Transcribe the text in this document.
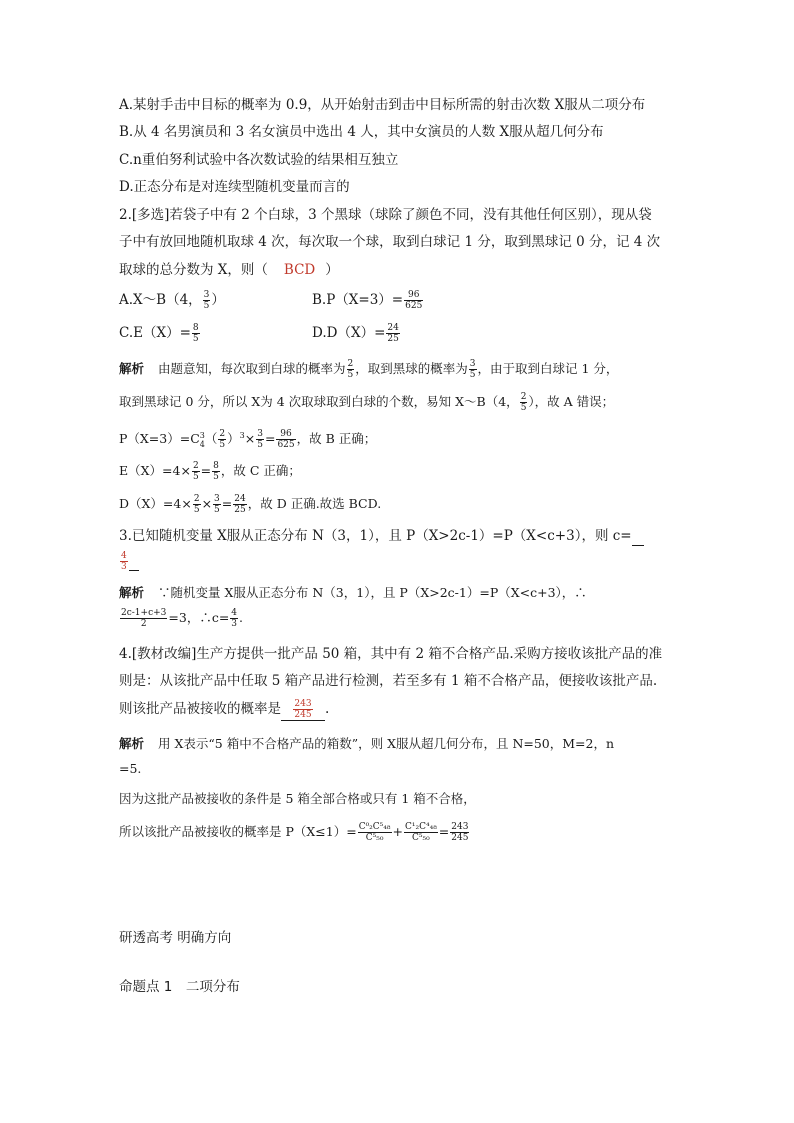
A.某射手击中目标的概率为 0.9，从开始射击到击中目标所需的射击次数 X服从二项分布
B.从 4 名男演员和 3 名女演员中选出 4 人，其中女演员的人数 X服从超几何分布
C.n重伯努利试验中各次数试验的结果相互独立
D.正态分布是对连续型随机变量而言的
2.[多选]若袋子中有 2 个白球，3 个黑球（球除了颜色不同，没有其他任何区别），现从袋
子中有放回地随机取球 4 次，每次取一个球，取到白球记 1 分，取到黑球记 0 分，记 4 次
取球的总分数为 X，则（ BCD ）
A.X～B（4， $\frac{3}{5}$ ）	$B.P(X=3)= \frac{96}{625}$
$C.E(X)= \frac{8}{5}$	$D.D(X)= \frac{24}{25}$
解析 由题意知，每次取到白球的概率为 $\frac{2}{5}$ ，取到黑球的概率为 $\frac{3}{5}$ ，由于取到白球记 1 分，
取到黑球记 0 分，所以 X为 4 次取球取到白球的个数，易知 X～B（4， $\frac{2}{5}$ ），故 A 错误；
P（X=3）=C 3
4 （ $\frac{2}{5} )^3\times \frac{3}{5} = \frac{96}{625}$ ，故 B 正确；
$E(X)=4\times \frac{2}{5} = \frac{8}{5}$ ，故 C 正确；
$D(X)=4\times \frac{2}{5} \times \frac{3}{5} = \frac{24}{25}$ ，故 D 正确.故选 BCD.
3.已知随机变量 X服从正态分布 N（3，1），且 P（X>2c-1）=P（X<c+3），则 c=
$\frac{4}{3}$

解析 ∵随机变量 X服从正态分布 N（3，1），且 P（X>2c-1）=P（X<c+3），∴
$\frac{2c-1+c+3}{2} =3$，∴c= $\frac{4}{3}$ .
4.[教材改编]生产方提供一批产品 50 箱，其中有 2 箱不合格产品.采购方接收该批产品的准
则是：从该批产品中任取 5 箱产品进行检测，若至多有 1 箱不合格产品，便接收该批产品.
则该批产品被接收的概率是 $\frac{243}{245}$ .
解析 用 X表示“5 箱中不合格产品的箱数”，则 X服从超几何分布，且 N=50，M=2，n
=5.
因为这批产品被接收的条件是 5 箱全部合格或只有 1 箱不合格，
所以该批产品被接收的概率是 $P(X\le 1)= \frac{\text{C⁰₂C⁵₄₈}}{\text{C⁵₅₀}} + \frac{\text{C¹₂C⁴₄₈}}{\text{C⁵₅₀}} = \frac{243}{245}$
研透高考 明确方向
命题点 1　二项分布
